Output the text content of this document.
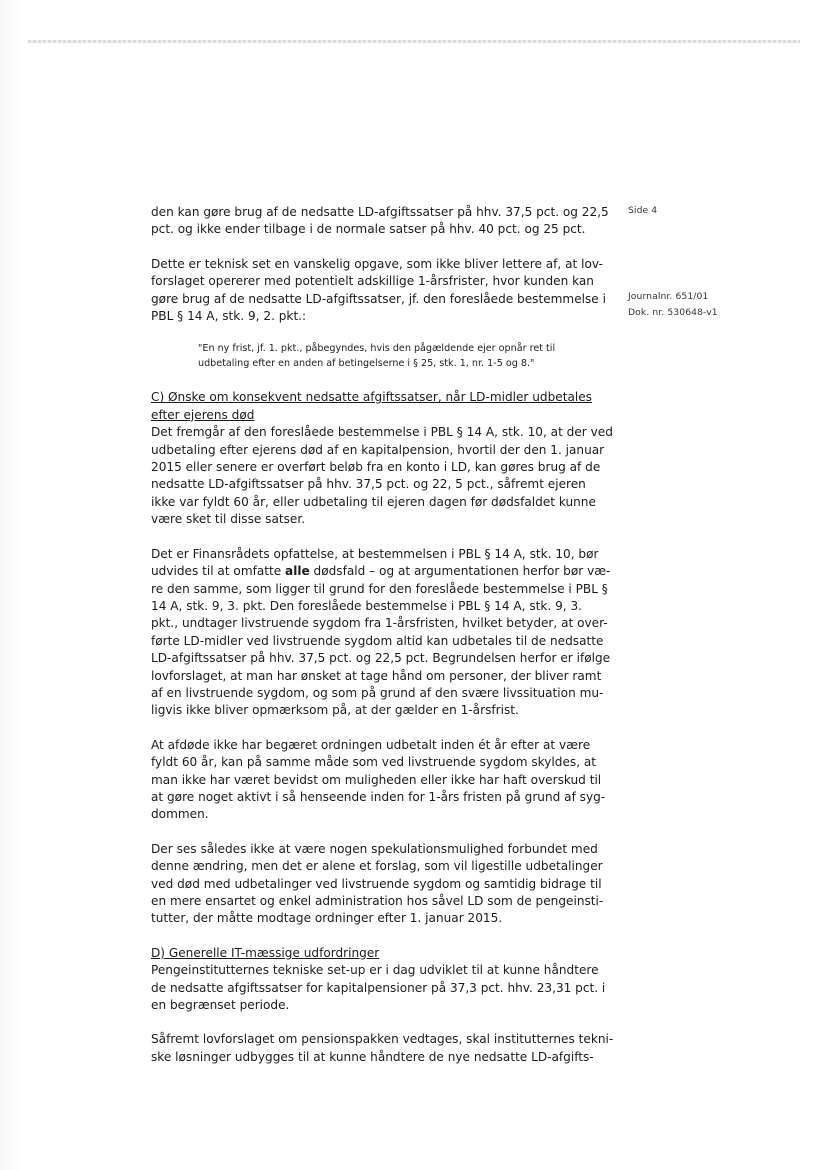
Side 4
Journalnr. 651/01
Dok. nr. 530648-v1
den kan gøre brug af de nedsatte LD-afgiftssatser på hhv. 37,5 pct. og 22,5
pct. og ikke ender tilbage i de normale satser på hhv. 40 pct. og 25 pct.
Dette er teknisk set en vanskelig opgave, som ikke bliver lettere af, at lov-
forslaget opererer med potentielt adskillige 1-årsfrister, hvor kunden kan
gøre brug af de nedsatte LD-afgiftssatser, jf. den foreslåede bestemmelse i
PBL § 14 A, stk. 9, 2. pkt.:
"En ny frist, jf. 1. pkt., påbegyndes, hvis den pågældende ejer opnår ret til
udbetaling efter en anden af betingelserne i § 25, stk. 1, nr. 1-5 og 8."
C) Ønske om konsekvent nedsatte afgiftssatser, når LD-midler udbetales
efter ejerens død
Det fremgår af den foreslåede bestemmelse i PBL § 14 A, stk. 10, at der ved
udbetaling efter ejerens død af en kapitalpension, hvortil der den 1. januar
2015 eller senere er overført beløb fra en konto i LD, kan gøres brug af de
nedsatte LD-afgiftssatser på hhv. 37,5 pct. og 22, 5 pct., såfremt ejeren
ikke var fyldt 60 år, eller udbetaling til ejeren dagen før dødsfaldet kunne
være sket til disse satser.
Det er Finansrådets opfattelse, at bestemmelsen i PBL § 14 A, stk. 10, bør
udvides til at omfatte alle dødsfald – og at argumentationen herfor bør væ-
re den samme, som ligger til grund for den foreslåede bestemmelse i PBL §
14 A, stk. 9, 3. pkt. Den foreslåede bestemmelse i PBL § 14 A, stk. 9, 3.
pkt., undtager livstruende sygdom fra 1-årsfristen, hvilket betyder, at over-
førte LD-midler ved livstruende sygdom altid kan udbetales til de nedsatte
LD-afgiftssatser på hhv. 37,5 pct. og 22,5 pct. Begrundelsen herfor er ifølge
lovforslaget, at man har ønsket at tage hånd om personer, der bliver ramt
af en livstruende sygdom, og som på grund af den svære livssituation mu-
ligvis ikke bliver opmærksom på, at der gælder en 1-årsfrist.
At afdøde ikke har begæret ordningen udbetalt inden ét år efter at være
fyldt 60 år, kan på samme måde som ved livstruende sygdom skyldes, at
man ikke har været bevidst om muligheden eller ikke har haft overskud til
at gøre noget aktivt i så henseende inden for 1-års fristen på grund af syg-
dommen.
Der ses således ikke at være nogen spekulationsmulighed forbundet med
denne ændring, men det er alene et forslag, som vil ligestille udbetalinger
ved død med udbetalinger ved livstruende sygdom og samtidig bidrage til
en mere ensartet og enkel administration hos såvel LD som de pengeinsti-
tutter, der måtte modtage ordninger efter 1. januar 2015.
D) Generelle IT-mæssige udfordringer
Pengeinstitutternes tekniske set-up er i dag udviklet til at kunne håndtere
de nedsatte afgiftssatser for kapitalpensioner på 37,3 pct. hhv. 23,31 pct. i
en begrænset periode.
Såfremt lovforslaget om pensionspakken vedtages, skal institutternes tekni-
ske løsninger udbygges til at kunne håndtere de nye nedsatte LD-afgifts-
